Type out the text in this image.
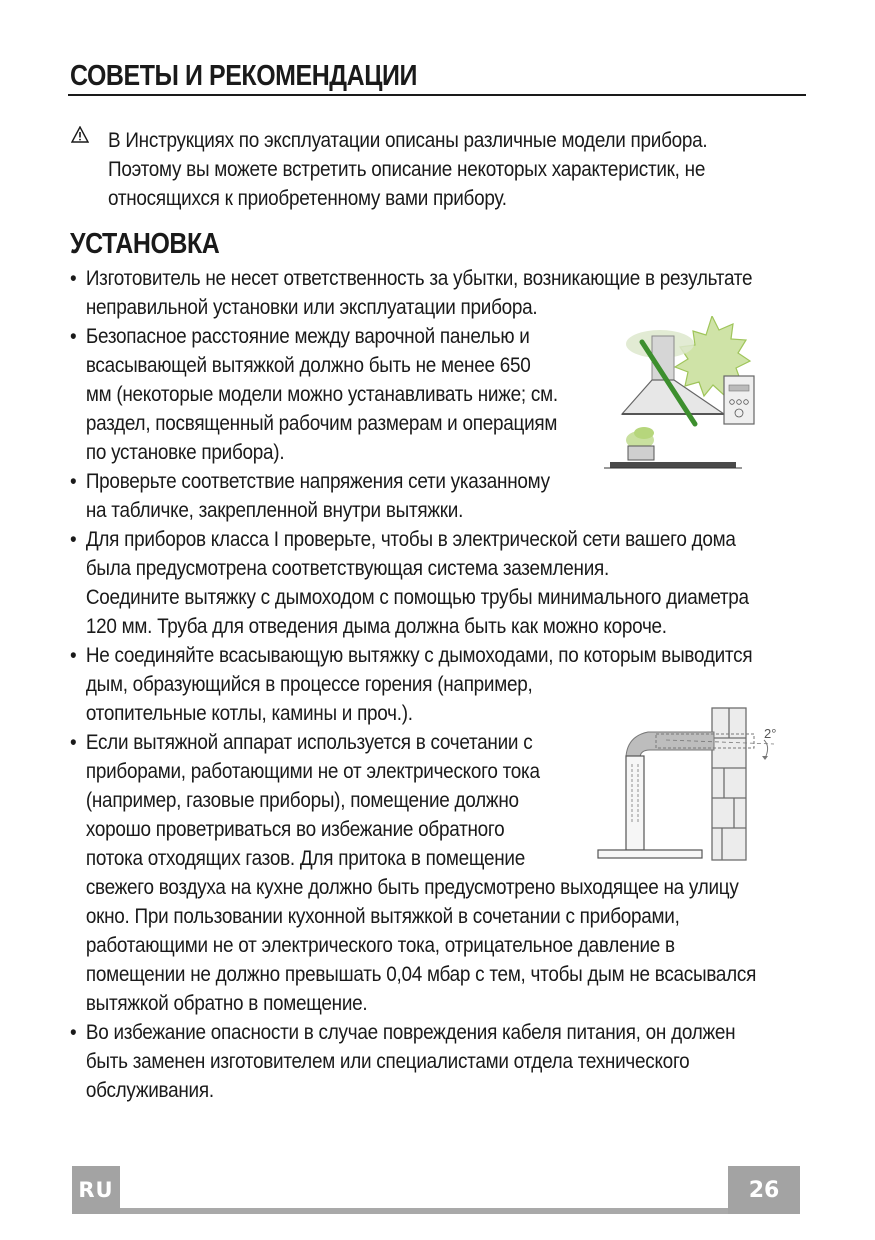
СОВЕТЫ И РЕКОМЕНДАЦИИ

В Инструкциях по эксплуатации описаны различные модели прибора.

Поэтому вы можете встретить описание некоторых характеристик, не

относящихся к приобретенному вами прибору.

УСТАНОВКА
• Изготовитель не несет ответственность за убытки, возникающие в результате

неправильной установки или эксплуатации прибора.

• Безопасное расстояние между варочной панелью и

всасывающей вытяжкой должно быть не менее 650

мм (некоторые модели можно устанавливать ниже; см.

раздел, посвященный рабочим размерам и операциям

по установке прибора).

• Проверьте соответствие напряжения сети указанному

на табличке, закрепленной внутри вытяжки.

• Для приборов класса I проверьте, чтобы в электрической сети вашего дома

была предусмотрена соответствующая система заземления.

Соедините вытяжку с дымоходом с помощью трубы минимального диаметра

120 мм. Труба для отведения дыма должна быть как можно короче.

• Не соединяйте всасывающую вытяжку с дымоходами, по которым выводится

дым, образующийся в процессе горения (например,

отопительные котлы, камины и проч.).

• Если вытяжной аппарат используется в сочетании с

приборами, работающими не от электрического тока

(например, газовые приборы), помещение должно

хорошо проветриваться во избежание обратного

потока отходящих газов. Для притока в помещение

свежего воздуха на кухне должно быть предусмотрено выходящее на улицу

окно. При пользовании кухонной вытяжкой в сочетании с приборами,

работающими не от электрического тока, отрицательное давление в

помещении не должно превышать 0,04 мбар с тем, чтобы дым не всасывался

вытяжкой обратно в помещение.

• Во избежание опасности в случае повреждения кабеля питания, он должен

быть заменен изготовителем или специалистами отдела технического

обслуживания.

2°
RU	26
